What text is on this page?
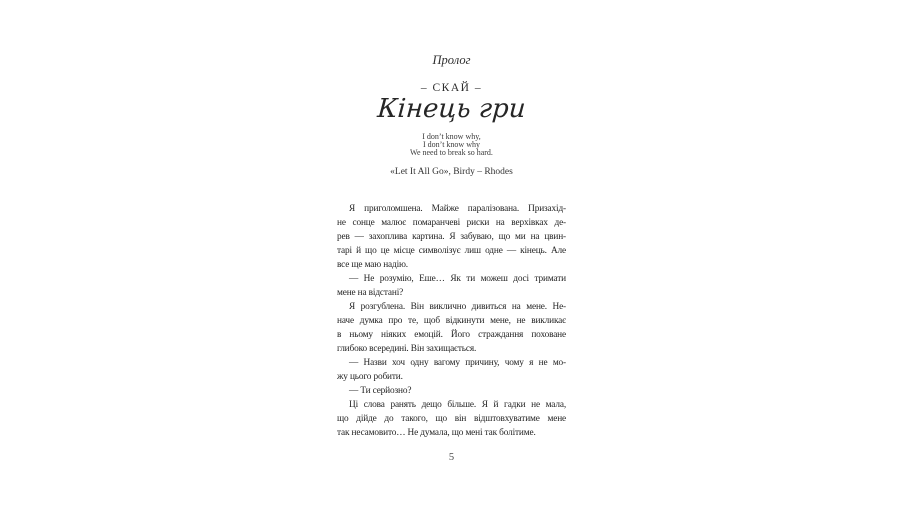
Пролог
– СКАЙ –
Кінець гри
I don’t know why,
I don’t know why
We need to break so hard.
«Let It All Go», Birdy – Rhodes
Я приголомшена. Майже паралізована. Призахід-
не сонце малює помаранчеві риски на верхівках де-
рев — захоплива картина. Я забуваю, що ми на цвин-
тарі й що це місце символізує лиш одне — кінець. Але
все ще маю надію.
— Не розумію, Еше… Як ти можеш досі тримати
мене на відстані?
Я розгублена. Він виклично дивиться на мене. Не-
наче думка про те, щоб відкинути мене, не викликає
в ньому ніяких емоцій. Його страждання поховане
глибоко всередині. Він захищається.
— Назви хоч одну вагому причину, чому я не мо-
жу цього робити.
— Ти серйозно?
Ці слова ранять дещо більше. Я й гадки не мала,
що дійде до такого, що він відштовхуватиме мене
так несамовито… Не думала, що мені так болітиме.
5
